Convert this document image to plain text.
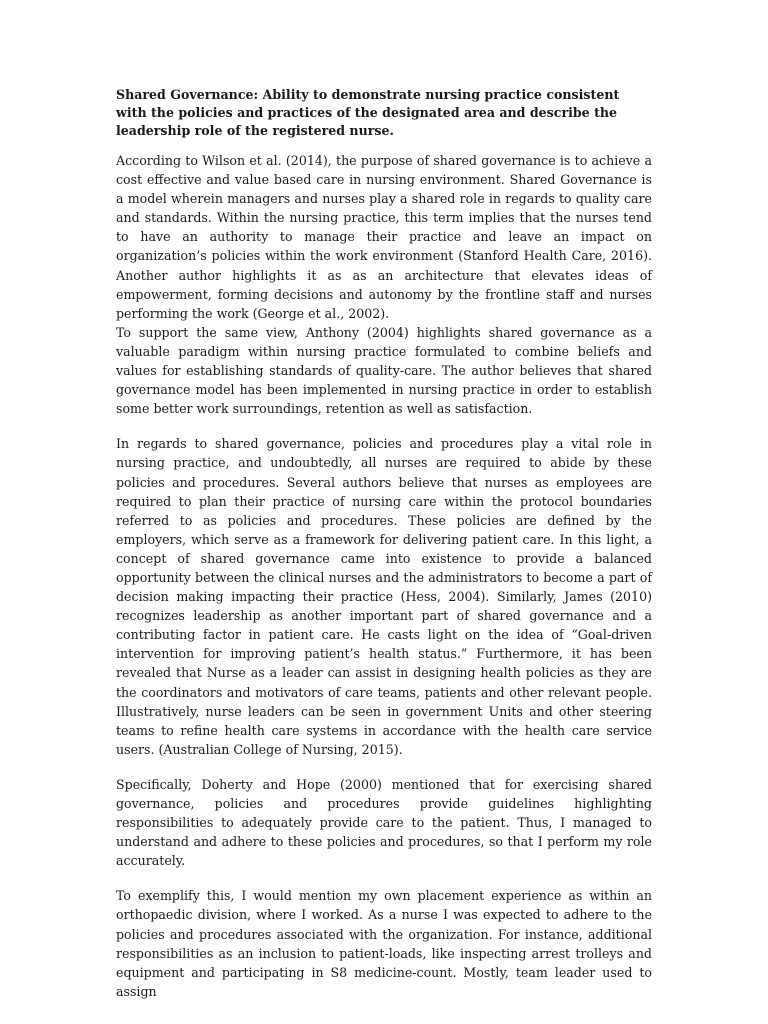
Shared Governance: Ability to demonstrate nursing practice consistent with the policies and practices of the designated area and describe the leadership role of the registered nurse.

According to Wilson et al. (2014), the purpose of shared governance is to achieve a cost effective and value based care in nursing environment. Shared Governance is a model wherein managers and nurses play a shared role in regards to quality care and standards. Within the nursing practice, this term implies that the nurses tend to have an authority to manage their practice and leave an impact on organization’s policies within the work environment (Stanford Health Care, 2016). Another author highlights it as as an architecture that elevates ideas of empowerment, forming decisions and autonomy by the frontline staff and nurses performing the work (George et al., 2002).

To support the same view, Anthony (2004) highlights shared governance as a valuable paradigm within nursing practice formulated to combine beliefs and values for establishing standards of quality-care. The author believes that shared governance model has been implemented in nursing practice in order to establish some better work surroundings, retention as well as satisfaction.

In regards to shared governance, policies and procedures play a vital role in nursing practice, and undoubtedly, all nurses are required to abide by these policies and procedures. Several authors believe that nurses as employees are required to plan their practice of nursing care within the protocol boundaries referred to as policies and procedures. These policies are defined by the employers, which serve as a framework for delivering patient care. In this light, a concept of shared governance came into existence to provide a balanced opportunity between the clinical nurses and the administrators to become a part of decision making impacting their practice (Hess, 2004). Similarly, James (2010) recognizes leadership as another important part of shared governance and a contributing factor in patient care. He casts light on the idea of “Goal-driven intervention for improving patient’s health status.” Furthermore, it has been revealed that Nurse as a leader can assist in designing health policies as they are the coordinators and motivators of care teams, patients and other relevant people. Illustratively, nurse leaders can be seen in government Units and other steering teams to refine health care systems in accordance with the health care service users. (Australian College of Nursing, 2015).

Specifically, Doherty and Hope (2000) mentioned that for exercising shared governance, policies and procedures provide guidelines highlighting responsibilities to adequately provide care to the patient. Thus, I managed to understand and adhere to these policies and procedures, so that I perform my role accurately.

To exemplify this, I would mention my own placement experience as within an orthopaedic division, where I worked. As a nurse I was expected to adhere to the policies and procedures associated with the organization. For instance, additional responsibilities as an inclusion to patient-loads, like inspecting arrest trolleys and equipment and participating in S8 medicine-count. Mostly, team leader used to assign
